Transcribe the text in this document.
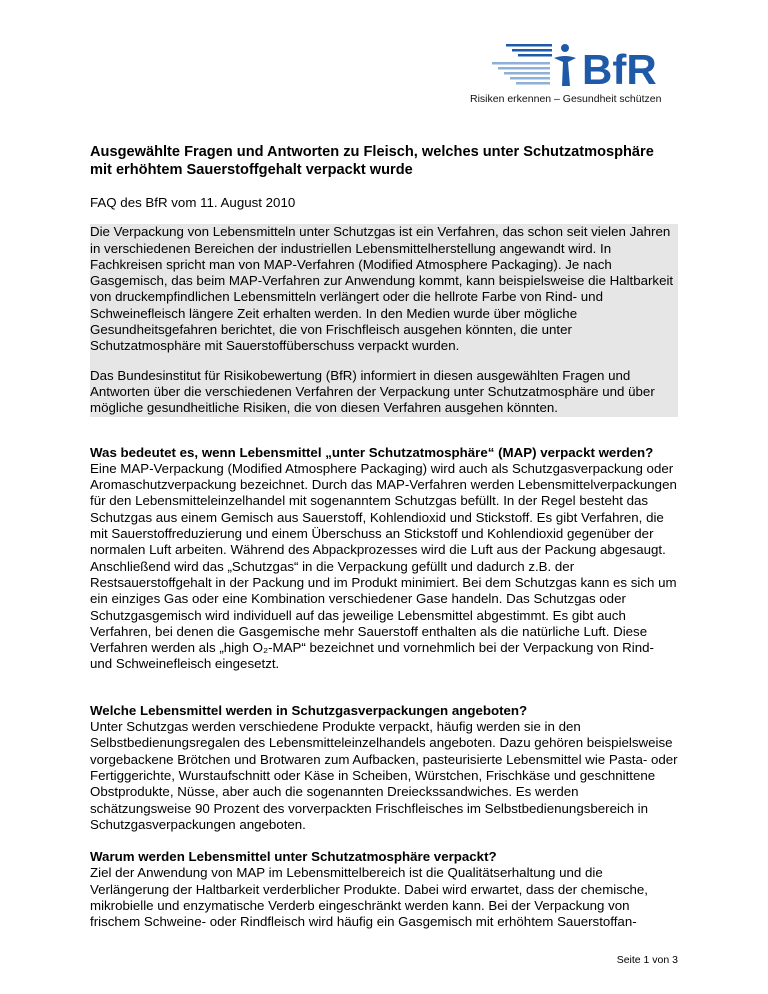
BfR
Risiken erkennen – Gesundheit schützen
Ausgewählte Fragen und Antworten zu Fleisch, welches unter Schutzatmosphäre mit erhöhtem Sauerstoffgehalt verpackt wurde

FAQ des BfR vom 11. August 2010

Die Verpackung von Lebensmitteln unter Schutzgas ist ein Verfahren, das schon seit vielen Jahren in verschiedenen Bereichen der industriellen Lebensmittelherstellung angewandt wird. In Fachkreisen spricht man von MAP-Verfahren (Modified Atmosphere Packaging). Je nach Gasgemisch, das beim MAP-Verfahren zur Anwendung kommt, kann beispielsweise die Haltbarkeit von druckempfindlichen Lebensmitteln verlängert oder die hellrote Farbe von Rind- und Schweinefleisch längere Zeit erhalten werden. In den Medien wurde über mögliche Gesundheitsgefahren berichtet, die von Frischfleisch ausgehen könnten, die unter Schutzatmosphäre mit Sauerstoffüberschuss verpackt wurden.

Das Bundesinstitut für Risikobewertung (BfR) informiert in diesen ausgewählten Fragen und Antworten über die verschiedenen Verfahren der Verpackung unter Schutzatmosphäre und über mögliche gesundheitliche Risiken, die von diesen Verfahren ausgehen könnten.

Was bedeutet es, wenn Lebensmittel „unter Schutzatmosphäre“ (MAP) verpackt werden?

Eine MAP-Verpackung (Modified Atmosphere Packaging) wird auch als Schutzgasverpackung oder Aromaschutzverpackung bezeichnet. Durch das MAP-Verfahren werden Lebensmittelverpackungen für den Lebensmitteleinzelhandel mit sogenanntem Schutzgas befüllt. In der Regel besteht das Schutzgas aus einem Gemisch aus Sauerstoff, Kohlendioxid und Stickstoff. Es gibt Verfahren, die mit Sauerstoffreduzierung und einem Überschuss an Stickstoff und Kohlendioxid gegenüber der normalen Luft arbeiten. Während des Abpackprozesses wird die Luft aus der Packung abgesaugt. Anschließend wird das „Schutzgas“ in die Verpackung gefüllt und dadurch z.B. der Restsauerstoffgehalt in der Packung und im Produkt minimiert. Bei dem Schutzgas kann es sich um ein einziges Gas oder eine Kombination verschiedener Gase handeln. Das Schutzgas oder Schutzgasgemisch wird individuell auf das jeweilige Lebensmittel abgestimmt. Es gibt auch Verfahren, bei denen die Gasgemische mehr Sauerstoff enthalten als die natürliche Luft. Diese Verfahren werden als „high O₂-MAP“ bezeichnet und vornehmlich bei der Verpackung von Rind- und Schweinefleisch eingesetzt.

Welche Lebensmittel werden in Schutzgasverpackungen angeboten?

Unter Schutzgas werden verschiedene Produkte verpackt, häufig werden sie in den Selbstbedienungsregalen des Lebensmitteleinzelhandels angeboten. Dazu gehören beispielsweise vorgebackene Brötchen und Brotwaren zum Aufbacken, pasteurisierte Lebensmittel wie Pasta- oder Fertiggerichte, Wurstaufschnitt oder Käse in Scheiben, Würstchen, Frischkäse und geschnittene Obstprodukte, Nüsse, aber auch die sogenannten Dreieckssandwiches. Es werden schätzungsweise 90 Prozent des vorverpackten Frischfleisches im Selbstbedienungsbereich in Schutzgasverpackungen angeboten.

Warum werden Lebensmittel unter Schutzatmosphäre verpackt?

Ziel der Anwendung von MAP im Lebensmittelbereich ist die Qualitätserhaltung und die Verlängerung der Haltbarkeit verderblicher Produkte. Dabei wird erwartet, dass der chemische, mikrobielle und enzymatische Verderb eingeschränkt werden kann. Bei der Verpackung von frischem Schweine- oder Rindfleisch wird häufig ein Gasgemisch mit erhöhtem Sauerstoffan-

Seite 1 von 3
